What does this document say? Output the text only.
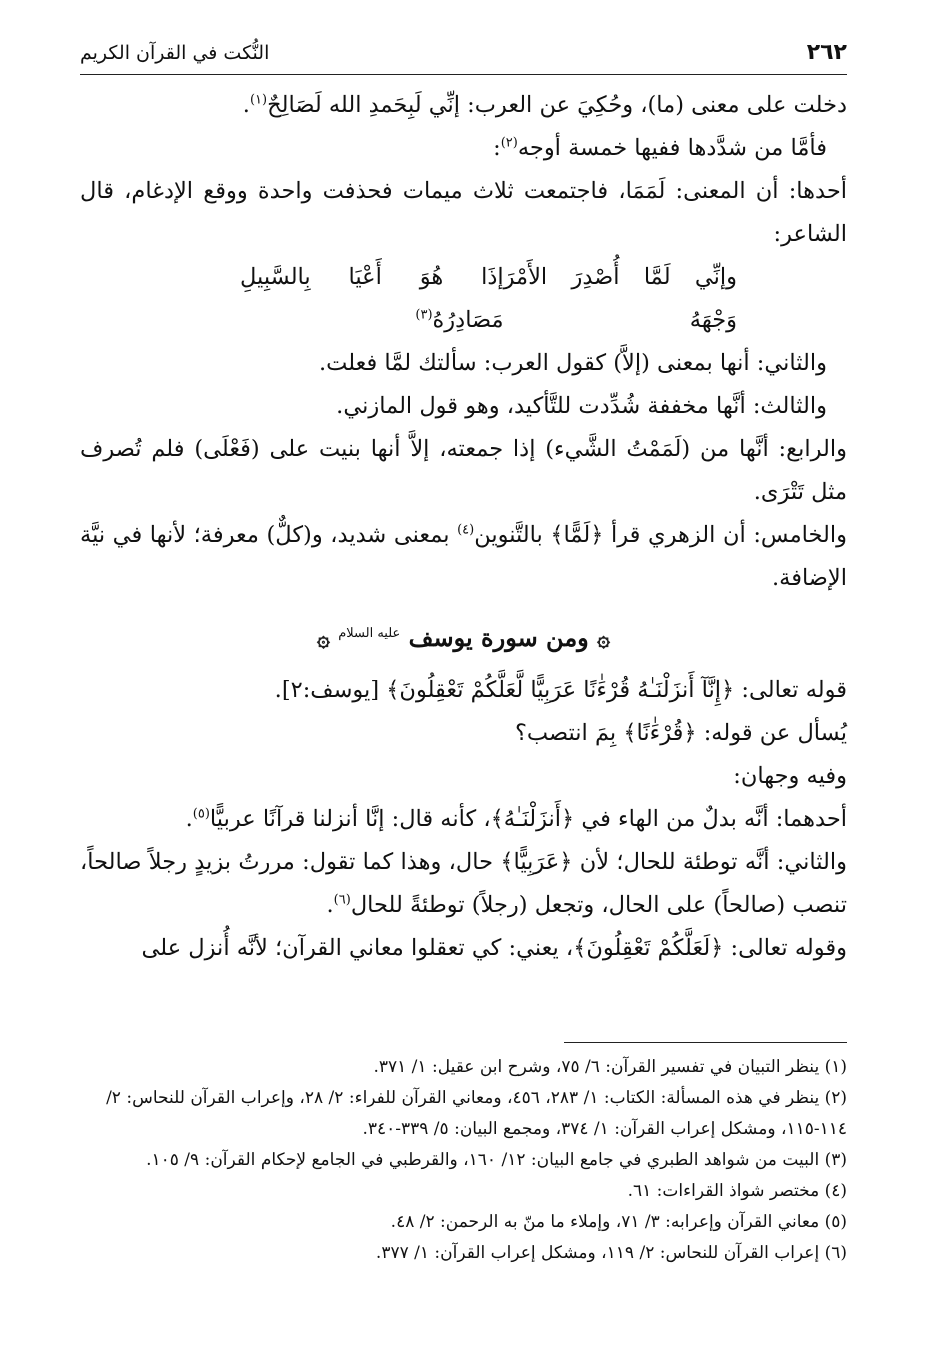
٢٦٢
النُّكت في القرآن الكريم

دخلت على معنى (ما)، وحُكِيَ عن العرب: إنِّي لَبِحَمدِ الله لَصَالِحٌ$^{(١)}$.

فأمَّا من شدَّدها ففيها خمسة أوجه$^{(٢)}$:

أحدها: أن المعنى: لَمَمَا، فاجتمعت ثلاث ميمات فحذفت واحدة ووقع الإدغام، قال الشاعر:

وإنِّي لَمَّا أُصْدِرَ الأَمْرَ وَجْهَهُ
إذَا هُوَ أَعْيَا بِالسَّبِيلِ مَصَادِرُهُ$^{(٣)}$

والثاني: أنها بمعنى (إلاَّ) كقول العرب: سألتك لمَّا فعلت.

والثالث: أنَّها مخففة شُدِّدت للتَّأكيد، وهو قول المازني.

والرابع: أنَّها من (لَمَمْتُ الشَّيء) إذا جمعته، إلاَّ أنها بنيت على (فَعْلَى) فلم تُصرف مثل تَتْرَى.

والخامس: أن الزهري قرأ ﴿لَمًّا﴾ بالتَّنوين$^{(٤)}$ بمعنى شديد، و(كلٌّ) معرفة؛ لأنها في نيَّة الإضافة.

۞ ومن سورة يوسف $^{عليه السلام}$ ۞

قوله تعالى: ﴿إِنَّآ أَنزَلْنَـٰهُ قُرْءَٰنًا عَرَبِيًّا لَّعَلَّكُمْ تَعْقِلُونَ﴾ [يوسف:٢].

يُسأل عن قوله: ﴿قُرْءَٰنًا﴾ بِمَ انتصب؟

وفيه وجهان:

أحدهما: أنَّه بدلٌ من الهاء في ﴿أَنزَلْنَـٰهُ﴾، كأنه قال: إنَّا أنزلنا قرآنًا عربيًّا$^{(٥)}$.

والثاني: أنَّه توطئة للحال؛ لأن ﴿عَرَبِيًّا﴾ حال، وهذا كما تقول: مررتُ بزيدٍ رجلاً صالحاً، تنصب (صالحاً) على الحال، وتجعل (رجلاً) توطئةً للحال$^{(٦)}$.

وقوله تعالى: ﴿لَعَلَّكُمْ تَعْقِلُونَ﴾، يعني: كي تعقلوا معاني القرآن؛ لأنَّه أُنزل على

(١) ينظر التبيان في تفسير القرآن: ٦/ ٧٥، وشرح ابن عقيل: ١/ ٣٧١.

(٢) ينظر في هذه المسألة: الكتاب: ١/ ٢٨٣، ٤٥٦، ومعاني القرآن للفراء: ٢/ ٢٨، وإعراب القرآن للنحاس: ٢/ ١١٤-١١٥، ومشكل إعراب القرآن: ١/ ٣٧٤، ومجمع البيان: ٥/ ٣٣٩-٣٤٠.

(٣) البيت من شواهد الطبري في جامع البيان: ١٢/ ١٦٠، والقرطبي في الجامع لإحكام القرآن: ٩/ ١٠٥.

(٤) مختصر شواذ القراءات: ٦١.

(٥) معاني القرآن وإعرابه: ٣/ ٧١، وإملاء ما منّ به الرحمن: ٢/ ٤٨.

(٦) إعراب القرآن للنحاس: ٢/ ١١٩، ومشكل إعراب القرآن: ١/ ٣٧٧.
